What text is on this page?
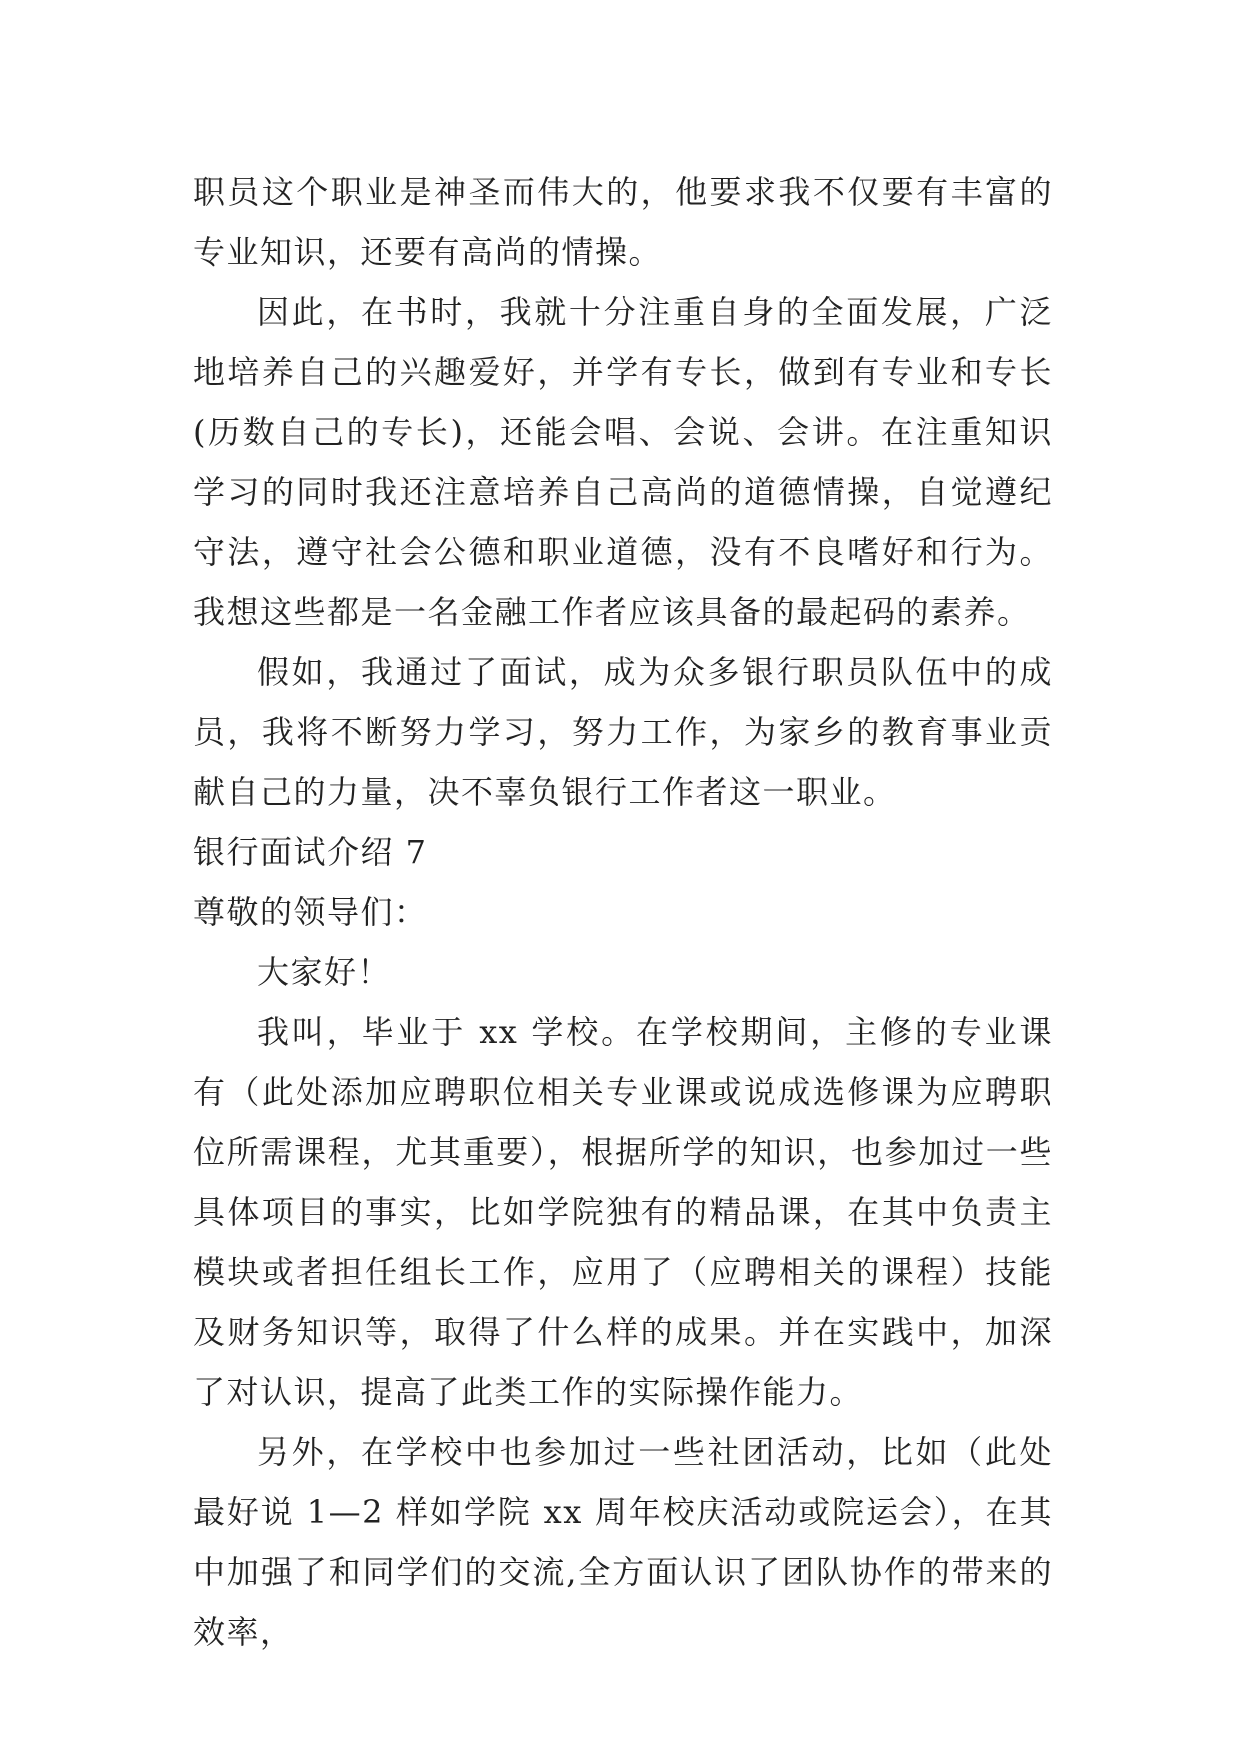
职员这个职业是神圣而伟大的，他要求我不仅要有丰富的专业知识，还要有高尚的情操。

因此，在书时，我就十分注重自身的全面发展，广泛地培养自己的兴趣爱好，并学有专长，做到有专业和专长(历数自己的专长)，还能会唱、会说、会讲。在注重知识学习的同时我还注意培养自己高尚的道德情操，自觉遵纪守法，遵守社会公德和职业道德，没有不良嗜好和行为。我想这些都是一名金融工作者应该具备的最起码的素养。

假如，我通过了面试，成为众多银行职员队伍中的成员，我将不断努力学习，努力工作，为家乡的教育事业贡献自己的力量，决不辜负银行工作者这一职业。

银行面试介绍 7

尊敬的领导们：

大家好！

我叫，毕业于 xx 学校。在学校期间，主修的专业课有（此处添加应聘职位相关专业课或说成选修课为应聘职位所需课程，尤其重要），根据所学的知识，也参加过一些具体项目的事实，比如学院独有的精品课，在其中负责主模块或者担任组长工作，应用了（应聘相关的课程）技能及财务知识等，取得了什么样的成果。并在实践中，加深了对认识，提高了此类工作的实际操作能力。

另外，在学校中也参加过一些社团活动，比如（此处最好说 1—2 样如学院 xx 周年校庆活动或院运会），在其中加强了和同学们的交流,全方面认识了团队协作的带来的效率，
